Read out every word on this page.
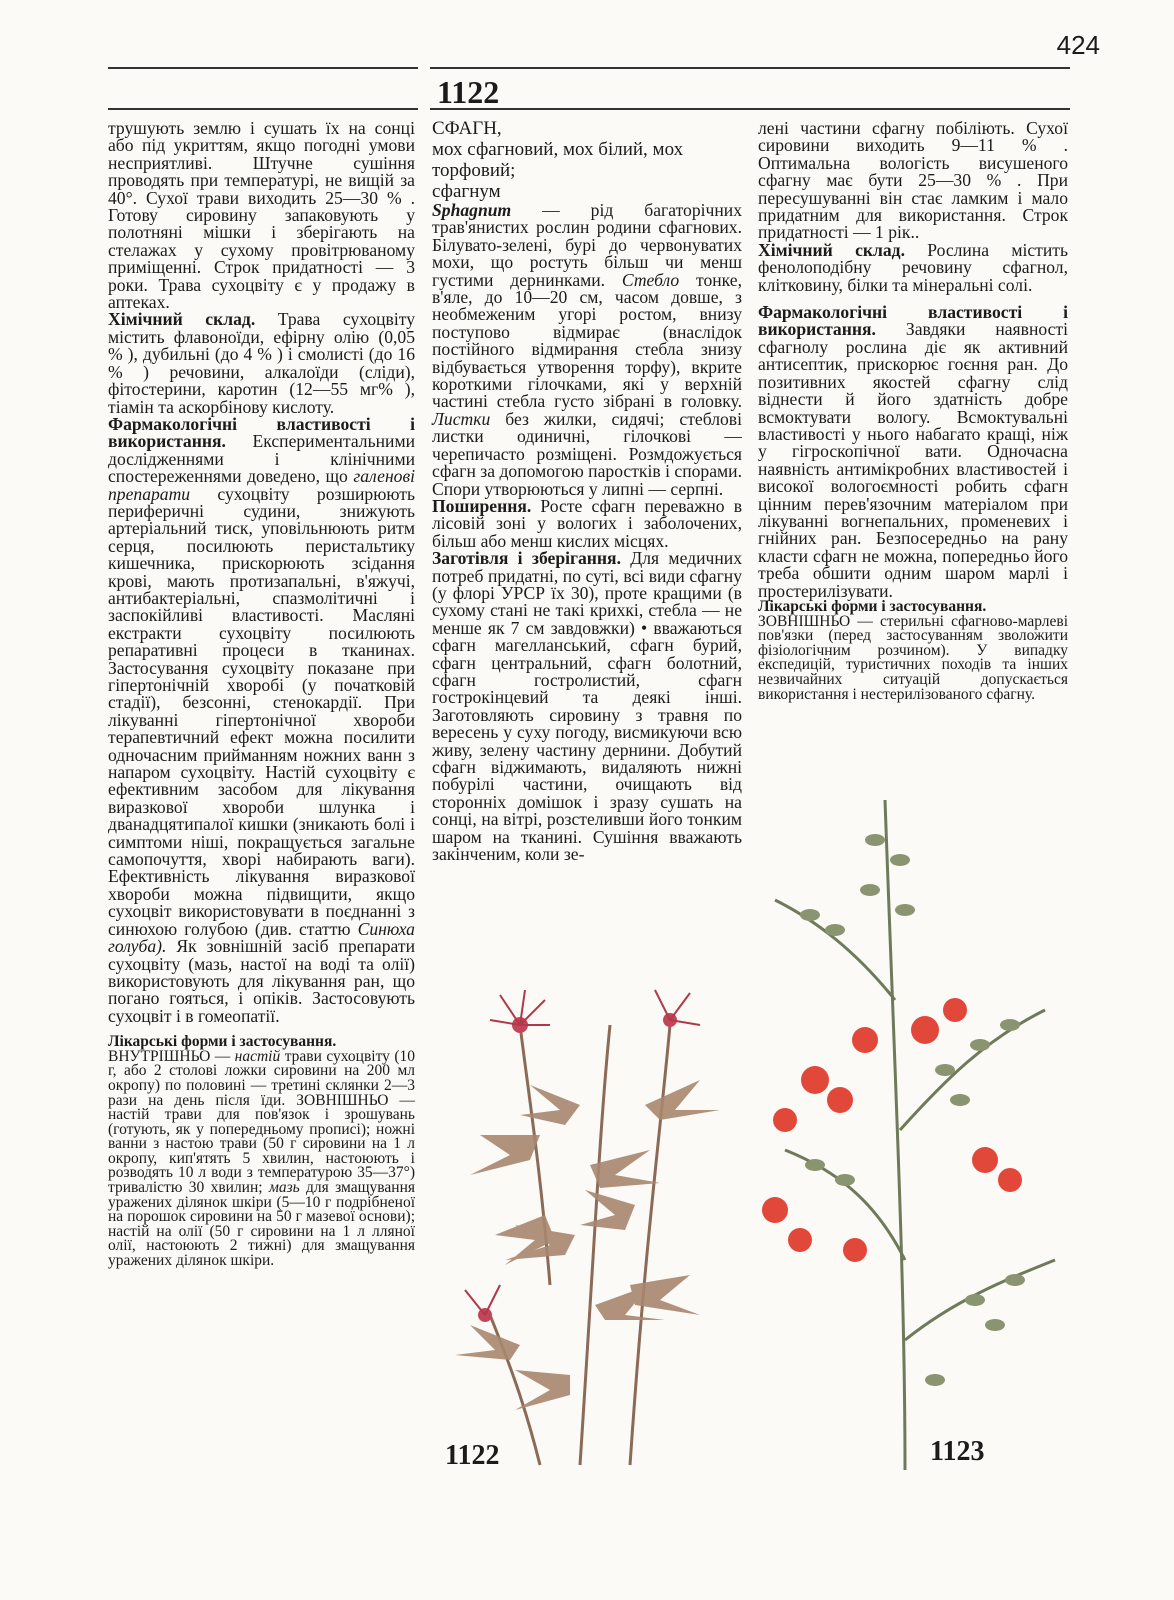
424
1122

трушують землю і сушать їх на сонці або під укриттям, якщо погодні умови несприятливі. Штучне сушіння проводять при температурі, не вищій за 40°. Сухої трави виходить 25—30 % . Готову сировину запаковують у полотняні мішки і зберігають на стелажах у сухому провітрюваному приміщенні. Строк придатності — 3 роки. Трава сухоцвіту є у продажу в аптеках.

Хімічний склад. Трава сухоцвіту містить флавоноїди, ефірну олію (0,05 % ), дубильні (до 4 % ) і смолисті (до 16 % ) речовини, алкалоїди (сліди), фітостерини, каротин (12—55 мг% ), тіамін та аскорбінову кислоту.

Фармакологічні властивості і використання. Експериментальними дослідженнями і клінічними спостереженнями доведено, що галенові препарати сухоцвіту розширюють периферичні судини, знижують артеріальний тиск, уповільнюють ритм серця, посилюють перистальтику кишечника, прискорюють зсідання крові, мають протизапальні, в'яжучі, антибактеріальні, спазмолітичні і заспокійливі властивості. Масляні екстракти сухоцвіту посилюють репаративні процеси в тканинах. Застосування сухоцвіту показане при гіпертонічній хворобі (у початковій стадії), безсонні, стенокардії. При лікуванні гіпертонічної хвороби терапевтичний ефект можна посилити одночасним прийманням ножних ванн з напаром сухоцвіту. Настій сухоцвіту є ефективним засобом для лікування виразкової хвороби шлунка і дванадцятипалої кишки (зникають болі і симптоми ніші, покращується загальне самопочуття, хворі набирають ваги). Ефективність лікування виразкової хвороби можна підвищити, якщо сухоцвіт використовувати в поєднанні з синюхою голубою (див. статтю Синюха голуба). Як зовнішній засіб препарати сухоцвіту (мазь, настої на воді та олії) використовують для лікування ран, що погано гояться, і опіків. Застосовують сухоцвіт і в гомеопатії.

Лікарські форми і застосування.
ВНУТРІШНЬО — настій трави сухоцвіту (10 г, або 2 столові ложки сировини на 200 мл окропу) по половині — третині склянки 2—3 рази на день після їди. ЗОВНІШНЬО — настій трави для пов'язок і зрошувань (готують, як у попередньому прописі); ножні ванни з настою трави (50 г сировини на 1 л окропу, кип'ятять 5 хвилин, настоюють і розводять 10 л води з температурою 35—37°) тривалістю 30 хвилин; мазь для змащування уражених ділянок шкіри (5—10 г подрібненої на порошок сировини на 50 г мазевої основи); настій на олії (50 г сировини на 1 л лляної олії, настоюють 2 тижні) для змащування уражених ділянок шкіри.
СФАГН,
мох сфагновий, мох білий, мох торфовий;
сфагнум

Sphagnum — рід багаторічних трав'янистих рослин родини сфагнових. Білувато-зелені, бурі до червонуватих мохи, що ростуть більш чи менш густими дернинками. Стебло тонке, в'яле, до 10—20 см, часом довше, з необмеженим угорі ростом, внизу поступово відмирає (внаслідок постійного відмирання стебла знизу відбувається утворення торфу), вкрите короткими гілочками, які у верхній частині стебла густо зібрані в головку. Листки без жилки, сидячі; стеблові листки одиничні, гілочкові — черепичасто розміщені. Розмдожується сфагн за допомогою паростків і спорами. Спори утворюються у липні — серпні.

Поширення. Росте сфагн переважно в лісовій зоні у вологих і заболочених, більш або менш кислих місцях.

Заготівля і зберігання. Для медичних потреб придатні, по суті, всі види сфагну (у флорі УРСР їх 30), проте кращими (в сухому стані не такі крихкі, стебла — не менше як 7 см завдовжки) • вважаються сфагн магелланський, сфагн бурий, сфагн центральний, сфагн болотний, сфагн гостролистий, сфагн гострокінцевий та деякі інші. Заготовляють сировину з травня по вересень у суху погоду, висмикуючи всю живу, зелену частину дернини. Добутий сфагн віджимають, видаляють нижні побурілі частини, очищають від сторонніх домішок і зразу сушать на сонці, на вітрі, розстеливши його тонким шаром на тканині. Сушіння вважають закінченим, коли зе-

лені частини сфагну побіліють. Сухої сировини виходить 9—11 % . Оптимальна вологість висушеного сфагну має бути 25—30 % . При пересушуванні він стає ламким і мало придатним для використання. Строк придатності — 1 рік..

Хімічний склад. Рослина містить фенолоподібну речовину сфагнол, клітковину, білки та мінеральні солі.

Фармакологічні властивості і використання. Завдяки наявності сфагнолу рослина діє як активний антисептик, прискорює гоєння ран. До позитивних якостей сфагну слід віднести й його здатність добре всмоктувати вологу. Всмоктувальні властивості у нього набагато кращі, ніж у гігроскопічної вати. Одночасна наявність антимікробних властивостей і високої вологоємності робить сфагн цінним перев'язочним матеріалом при лікуванні вогнепальних, променевих і гнійних ран. Безпосередньо на рану класти сфагн не можна, попередньо його треба обшити одним шаром марлі і простерилізувати.

Лікарські форми і застосування.
ЗОВНІШНЬО — стерильні сфагново-марлеві пов'язки (перед застосуванням зволожити фізіологічним розчином). У випадку експедицій, туристичних походів та інших незвичайних ситуацій допускається використання і нестерилізованого сфагну.
1122	1123
